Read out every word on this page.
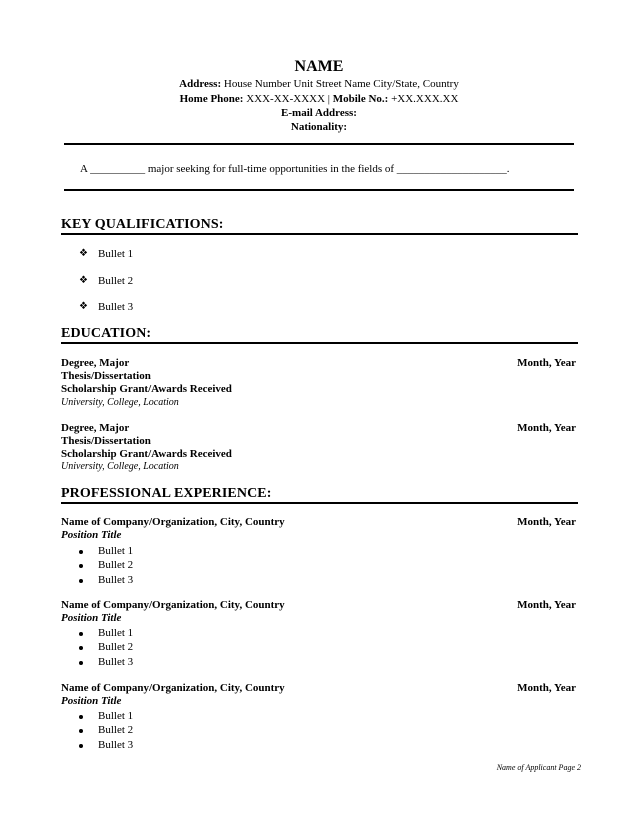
NAME
Address: House Number Unit Street Name City/State, Country
Home Phone: XXX-XX-XXXX | Mobile No.: +XX.XXX.XX
E-mail Address:
Nationality:
A __________ major seeking for full-time opportunities in the fields of ____________________.
KEY QUALIFICATIONS:
❖ Bullet 1
❖ Bullet 2
❖ Bullet 3
EDUCATION:
Degree, Major	Month, Year
Thesis/Dissertation
Scholarship Grant/Awards Received
University, College, Location
Degree, Major	Month, Year
Thesis/Dissertation
Scholarship Grant/Awards Received
University, College, Location
PROFESSIONAL EXPERIENCE:
Name of Company/Organization, City, Country	Month, Year
Position Title
Bullet 1
Bullet 2
Bullet 3
Name of Company/Organization, City, Country	Month, Year
Position Title
Bullet 1
Bullet 2
Bullet 3
Name of Company/Organization, City, Country	Month, Year
Position Title
Bullet 1
Bullet 2
Bullet 3
Name of Applicant Page 2
